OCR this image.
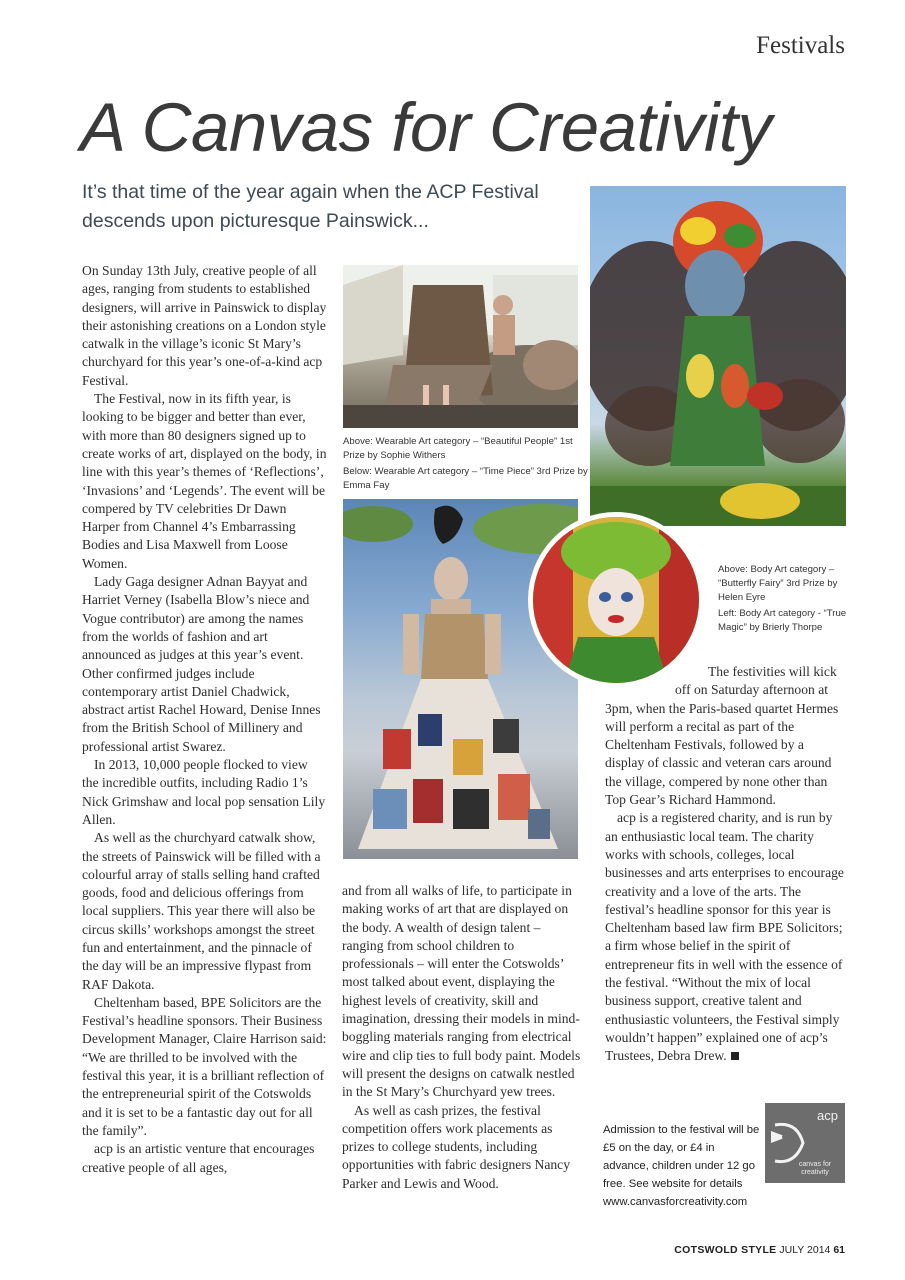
Festivals
A Canvas for Creativity
It’s that time of the year again when the ACP Festival descends upon picturesque Painswick...

On Sunday 13th July, creative people of all ages, ranging from students to established designers, will arrive in Painswick to display their astonishing creations on a London style catwalk in the village’s iconic St Mary’s churchyard for this year’s one-of-a-kind acp Festival.

The Festival, now in its fifth year, is looking to be bigger and better than ever, with more than 80 designers signed up to create works of art, displayed on the body, in line with this year’s themes of ‘Reflections’, ‘Invasions’ and ‘Legends’. The event will be compered by TV celebrities Dr Dawn Harper from Channel 4’s Embarrassing Bodies and Lisa Maxwell from Loose Women.

Lady Gaga designer Adnan Bayyat and Harriet Verney (Isabella Blow’s niece and Vogue contributor) are among the names from the worlds of fashion and art announced as judges at this year’s event. Other confirmed judges include contemporary artist Daniel Chadwick, abstract artist Rachel Howard, Denise Innes from the British School of Millinery and professional artist Swarez.

In 2013, 10,000 people flocked to view the incredible outfits, including Radio 1’s Nick Grimshaw and local pop sensation Lily Allen.

As well as the churchyard catwalk show, the streets of Painswick will be filled with a colourful array of stalls selling hand crafted goods, food and delicious offerings from local suppliers. This year there will also be circus skills’ workshops amongst the street fun and entertainment, and the pinnacle of the day will be an impressive flypast from RAF Dakota.

Cheltenham based, BPE Solicitors are the Festival’s headline sponsors. Their Business Development Manager, Claire Harrison said: “We are thrilled to be involved with the festival this year, it is a brilliant reflection of the entrepreneurial spirit of the Cotswolds and it is set to be a fantastic day out for all the family”.

acp is an artistic venture that encourages creative people of all ages,

Above: Wearable Art category – “Beautiful People” 1st Prize by Sophie Withers
Below: Wearable Art category – “Time Piece” 3rd Prize by Emma Fay
Above: Body Art category – “Butterfly Fairy” 3rd Prize by Helen Eyre
Left: Body Art category - “True Magic” by Brierly Thorpe

and from all walks of life, to participate in making works of art that are displayed on the body. A wealth of design talent – ranging from school children to professionals – will enter the Cotswolds’ most talked about event, displaying the highest levels of creativity, skill and imagination, dressing their models in mind-boggling materials ranging from electrical wire and clip ties to full body paint. Models will present the designs on catwalk nestled in the St Mary’s Churchyard yew trees.

As well as cash prizes, the festival competition offers work placements as prizes to college students, including opportunities with fabric designers Nancy Parker and Lewis and Wood.

The festivities will kick

off on Saturday afternoon at

3pm, when the Paris-based quartet Hermes will perform a recital as part of the Cheltenham Festivals, followed by a display of classic and veteran cars around the village, compered by none other than Top Gear’s Richard Hammond.

acp is a registered charity, and is run by an enthusiastic local team. The charity works with schools, colleges, local businesses and arts enterprises to encourage creativity and a love of the arts. The festival’s headline sponsor for this year is Cheltenham based law firm BPE Solicitors; a firm whose belief in the spirit of entrepreneur fits in well with the essence of the festival. “Without the mix of local business support, creative talent and enthusiastic volunteers, the Festival simply wouldn’t happen” explained one of acp’s Trustees, Debra Drew.

Admission to the festival will be £5 on the day, or £4 in advance, children under 12 go free. See website for details www.canvasforcreativity.com
acp
canvas for creativity
COTSWOLD STYLE JULY 2014 61
